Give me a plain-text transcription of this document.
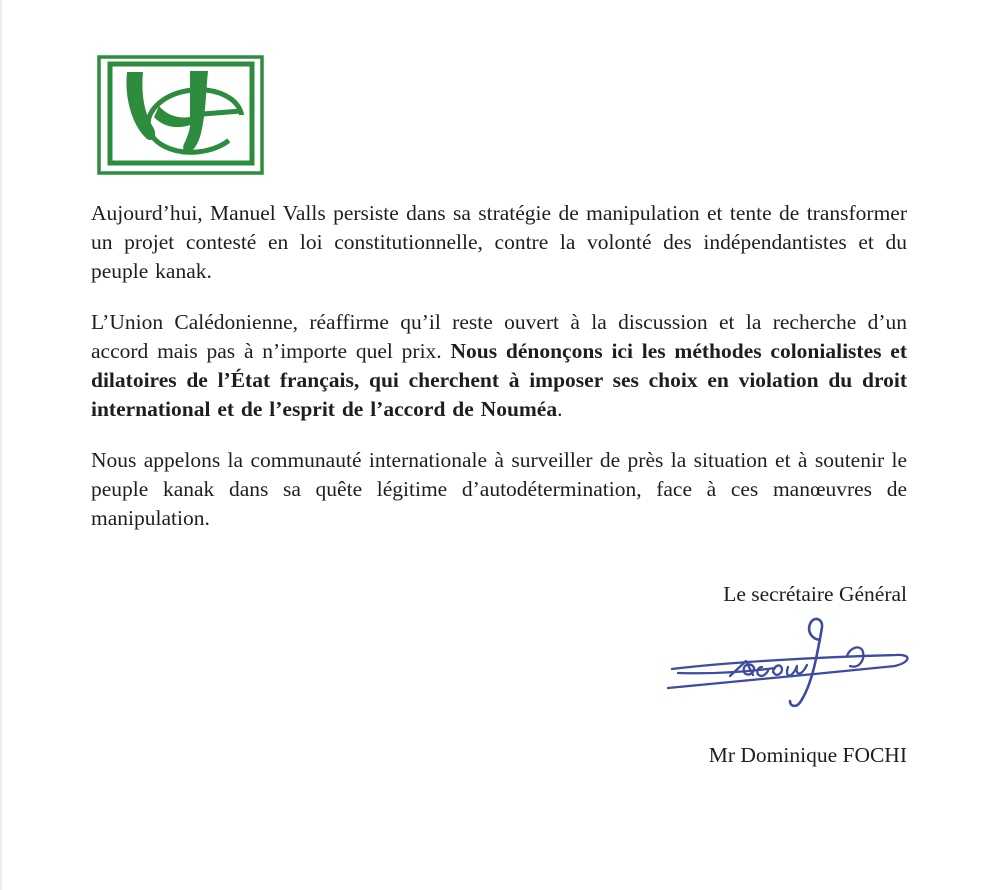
Aujourd’hui, Manuel Valls persiste dans sa stratégie de manipulation et tente de transformer un projet contesté en loi constitutionnelle, contre la volonté des indépendantistes et du peuple kanak.

L’Union Calédonienne, réaffirme qu’il reste ouvert à la discussion et la recherche d’un accord mais pas à n’importe quel prix. Nous dénonçons ici les méthodes colonialistes et dilatoires de l’État français, qui cherchent à imposer ses choix en violation du droit international et de l’esprit de l’accord de Nouméa.

Nous appelons la communauté internationale à surveiller de près la situation et à soutenir le peuple kanak dans sa quête légitime d’autodétermination, face à ces manœuvres de manipulation.

Le secrétaire Général
Mr Dominique FOCHI
